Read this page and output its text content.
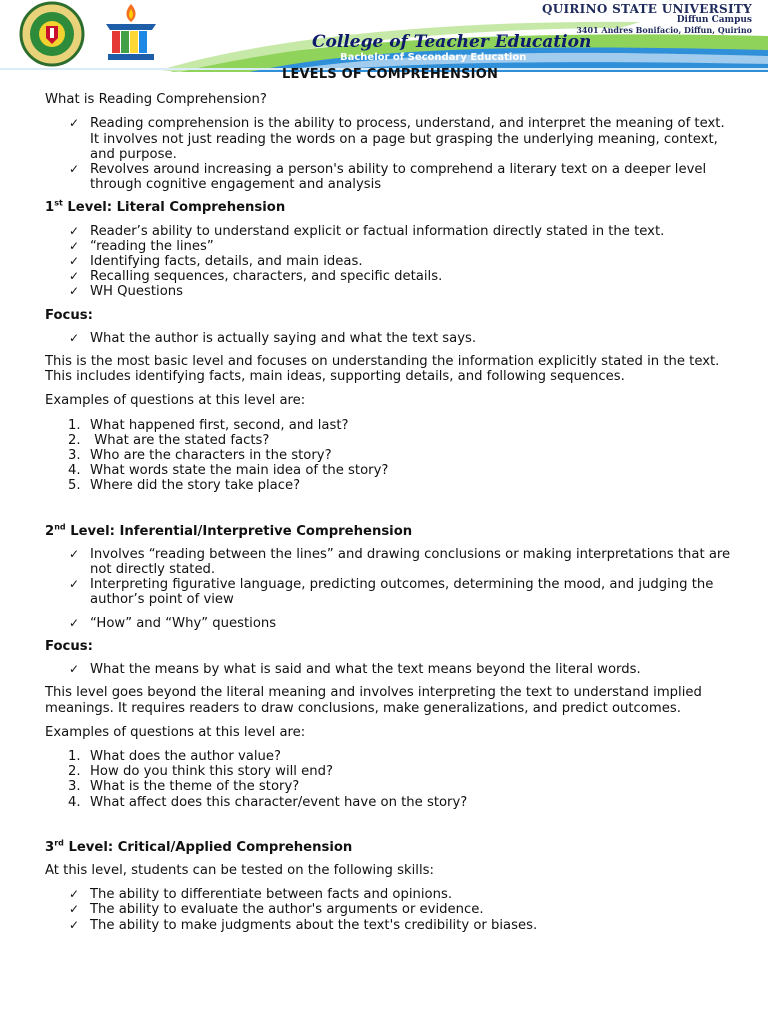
QUIRINO STATE UNIVERSITY
Diffun Campus
3401 Andres Bonifacio, Diffun, Quirino
College of Teacher Education
Bachelor of Secondary Education
LEVELS OF COMPREHENSION

What is Reading Comprehension?

✓ Reading comprehension is the ability to process, understand, and interpret the meaning of text.
It involves not just reading the words on a page but grasping the underlying meaning, context, and purpose.
✓ Revolves around increasing a person's ability to comprehend a literary text on a deeper level through cognitive engagement and analysis
1st Level: Literal Comprehension
✓ Reader’s ability to understand explicit or factual information directly stated in the text.
✓ “reading the lines”
✓ Identifying facts, details, and main ideas.
✓ Recalling sequences, characters, and specific details.
✓ WH Questions
Focus:
✓ What the author is actually saying and what the text says.

This is the most basic level and focuses on understanding the information explicitly stated in the text. This includes identifying facts, main ideas, supporting details, and following sequences.

Examples of questions at this level are:

1. What happened first, second, and last?
2. What are the stated facts?
3. Who are the characters in the story?
4. What words state the main idea of the story?
5. Where did the story take place?
2nd Level: Inferential/Interpretive Comprehension
✓ Involves “reading between the lines” and drawing conclusions or making interpretations that are not directly stated.
✓ Interpreting figurative language, predicting outcomes, determining the mood, and judging the author’s point of view
✓ “How” and “Why” questions
Focus:
✓ What the means by what is said and what the text means beyond the literal words.

This level goes beyond the literal meaning and involves interpreting the text to understand implied meanings. It requires readers to draw conclusions, make generalizations, and predict outcomes.

Examples of questions at this level are:

1. What does the author value?
2. How do you think this story will end?
3. What is the theme of the story?
4. What affect does this character/event have on the story?
3rd Level: Critical/Applied Comprehension

At this level, students can be tested on the following skills:

✓ The ability to differentiate between facts and opinions.
✓ The ability to evaluate the author's arguments or evidence.
✓ The ability to make judgments about the text's credibility or biases.
